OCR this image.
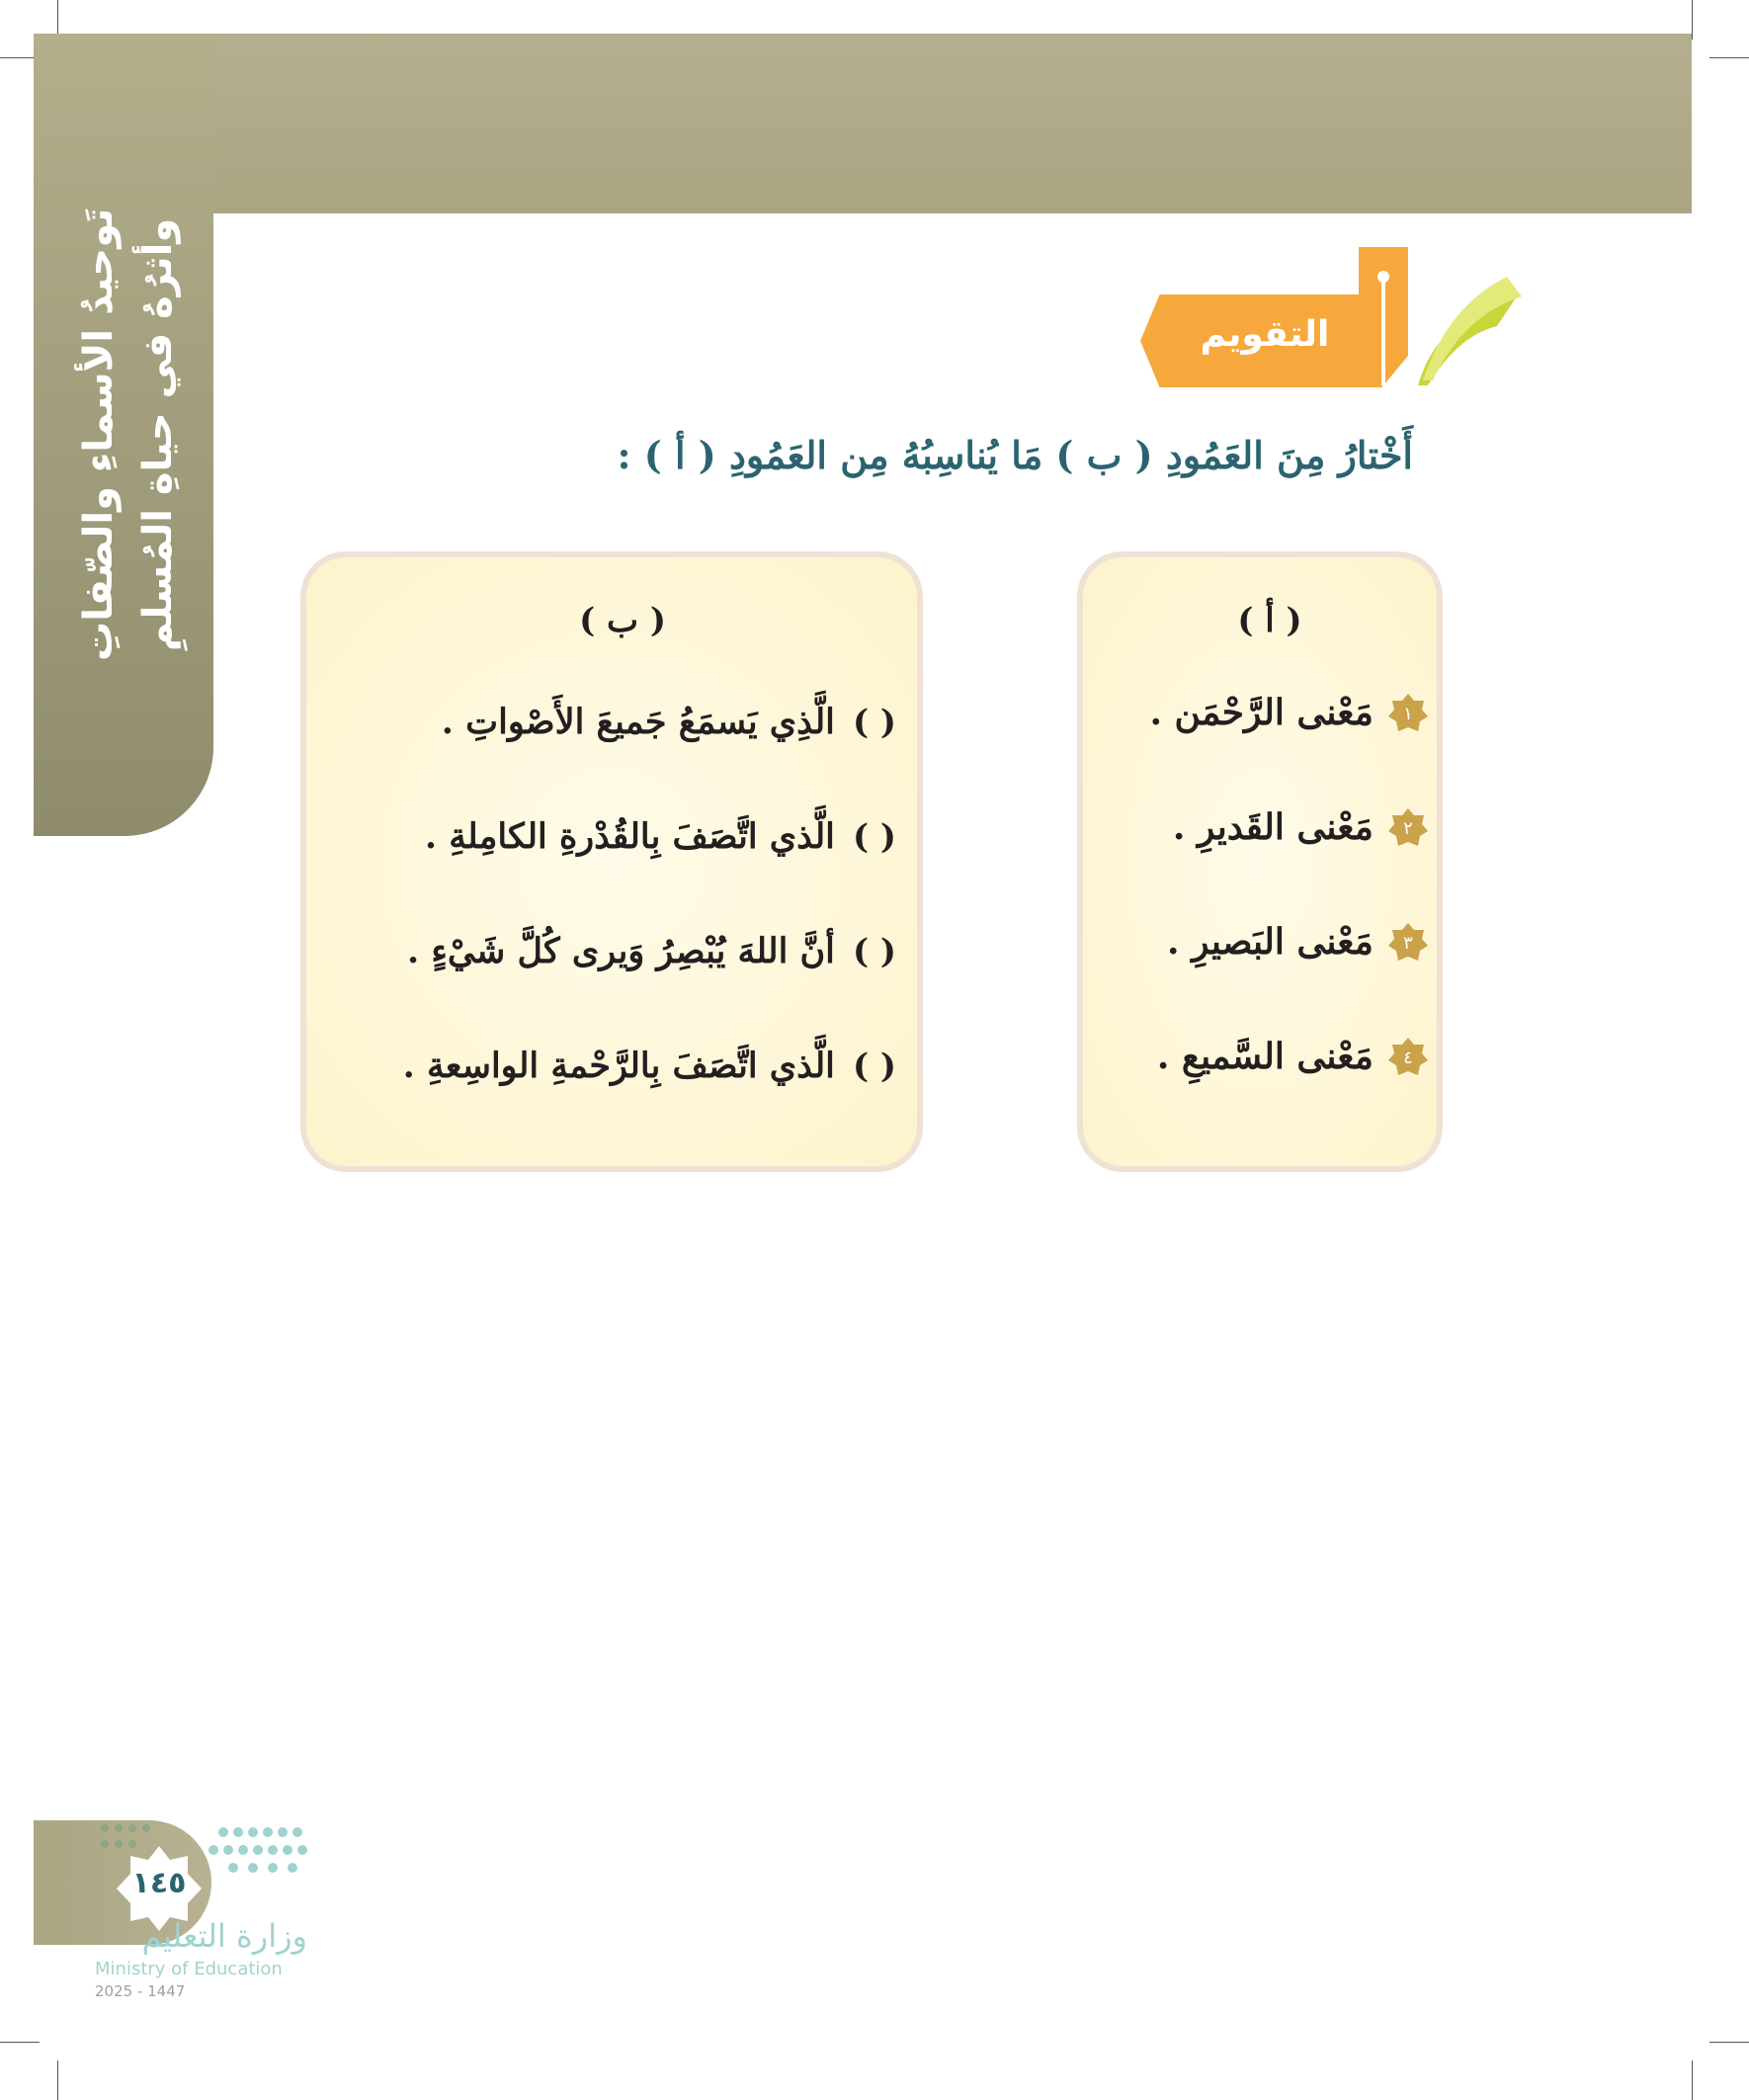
تَوحيدُ الأسماءِ والصّفاتِ وأثرُهُ في حياةِ المُسلمِ	التقويم
أَخْتارُ مِنَ العَمُودِ ( ب ) مَا يُناسِبُهُ مِن العَمُودِ ( أ ) :
( أ )
١
مَعْنى الرَّحْمَن .
٢
مَعْنى القَديرِ .
٣
مَعْنى البَصيرِ .
٤
مَعْنى السَّميعِ .
( ب )
( ) الَّذِي يَسمَعُ جَميعَ الأَصْواتِ .
( ) الَّذي اتَّصَفَ بِالقُدْرةِ الكامِلةِ .
( ) أنَّ اللهَ يُبْصِرُ وَيرى كُلَّ شَيْءٍ .
( ) الَّذي اتَّصَفَ بِالرَّحْمةِ الواسِعةِ .
١٤٥
وزارة التعليم
Ministry of Education
2025 - 1447
